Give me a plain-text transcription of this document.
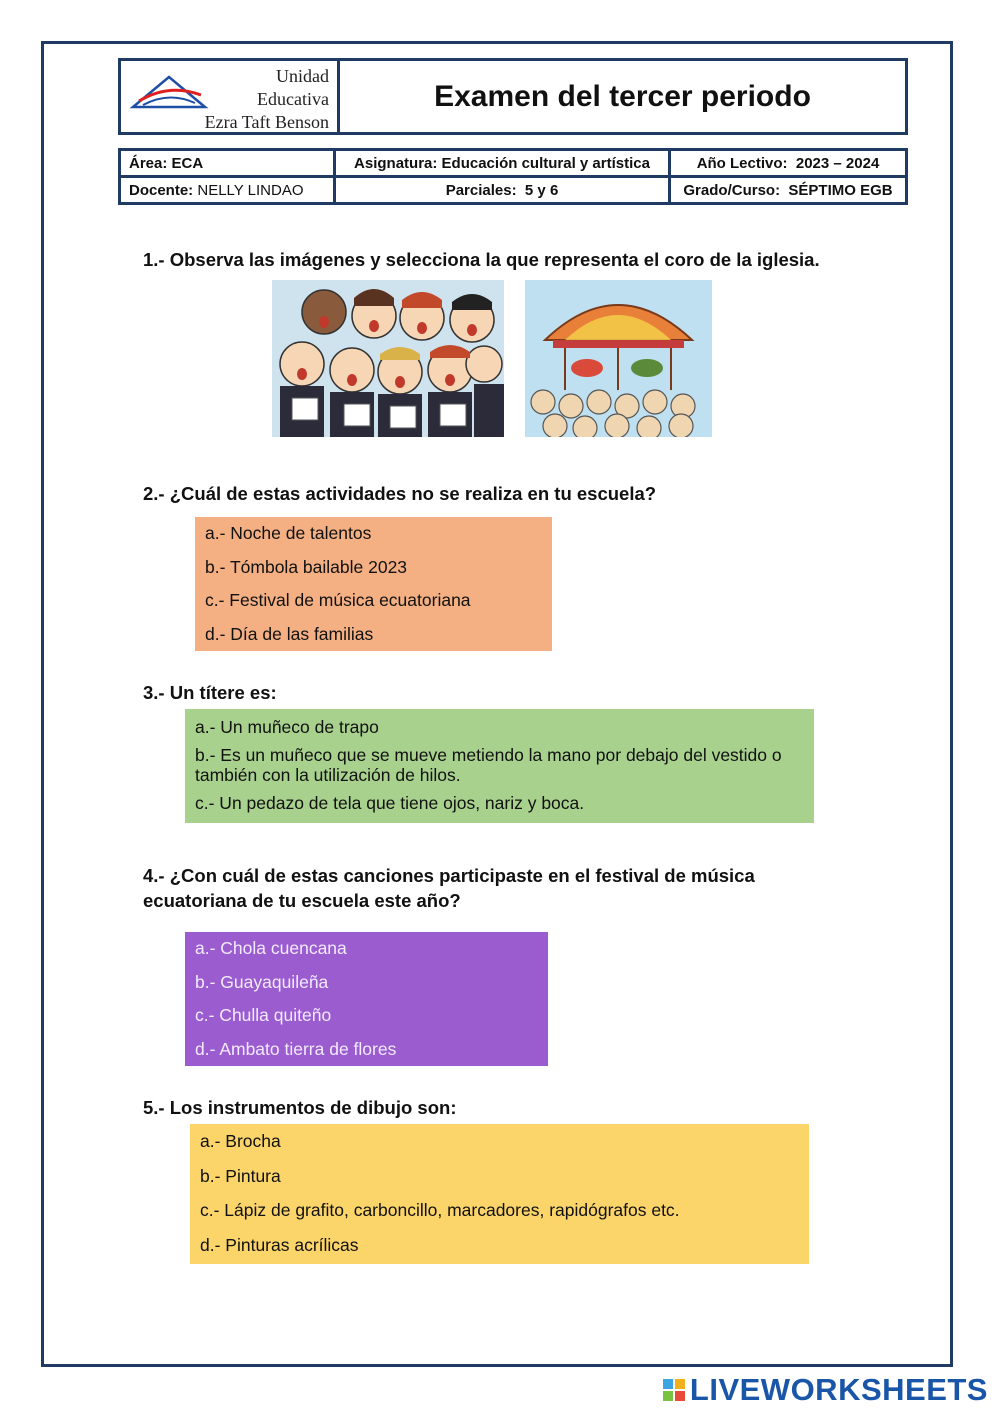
Unidad
Educativa
Ezra Taft Benson
Examen del tercer periodo
Área: ECA	Asignatura: Educación cultural y artística	Año Lectivo: 2023 – 2024
Docente: NELLY LINDAO	Parciales: 5 y 6	Grado/Curso: SÉPTIMO EGB
1.- Observa las imágenes y selecciona la que representa el coro de la iglesia.
2.- ¿Cuál de estas actividades no se realiza en tu escuela?
a.- Noche de talentos
b.- Tómbola bailable 2023
c.- Festival de música ecuatoriana
d.- Día de las familias
3.- Un títere es:
a.- Un muñeco de trapo
b.- Es un muñeco que se mueve metiendo la mano por debajo del vestido o también con la utilización de hilos.
c.- Un pedazo de tela que tiene ojos, nariz y boca.
4.- ¿Con cuál de estas canciones participaste en el festival de música ecuatoriana de tu escuela este año?
a.- Chola cuencana
b.- Guayaquileña
c.- Chulla quiteño
d.- Ambato tierra de flores
5.- Los instrumentos de dibujo son:
a.- Brocha
b.- Pintura
c.- Lápiz de grafito, carboncillo, marcadores, rapidógrafos etc.
d.- Pinturas acrílicas
LIVEWORKSHEETS
